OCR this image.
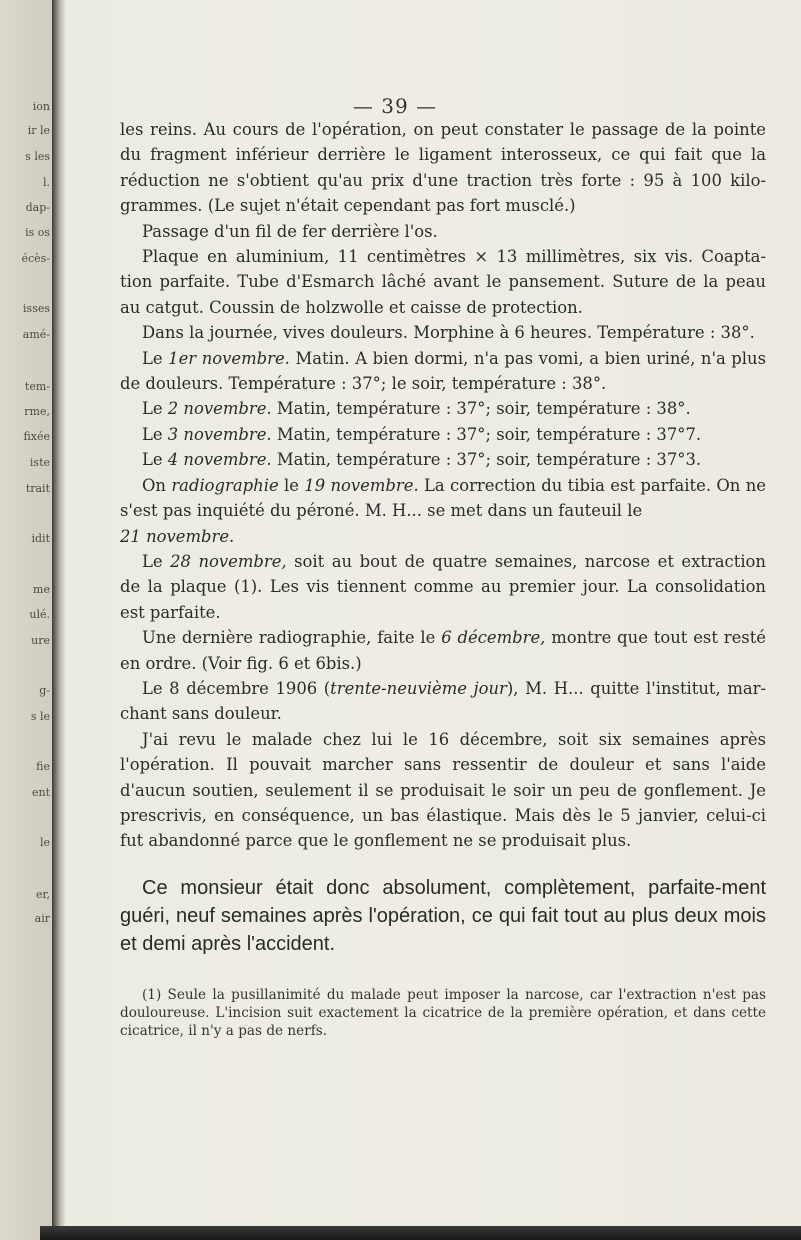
ion
ir le
s les
l.
dap-
is os
écès-
isses
amé-
tem-
rme,
fixée
iste
trait
idit
me
ulé.
ure
g-
s le
fie
ent
le
er,
air
— 39 —

les reins. Au cours de l'opération, on peut constater le passage de la pointe du fragment inférieur derrière le ligament interosseux, ce qui fait que la réduction ne s'obtient qu'au prix d'une traction très forte : 95 à 100 kilo-grammes. (Le sujet n'était cependant pas fort musclé.)

Passage d'un fil de fer derrière l'os.

Plaque en aluminium, 11 centimètres × 13 millimètres, six vis. Coapta-tion parfaite. Tube d'Esmarch lâché avant le pansement. Suture de la peau au catgut. Coussin de holzwolle et caisse de protection.

Dans la journée, vives douleurs. Morphine à 6 heures. Température : 38°.

Le 1er novembre. Matin. A bien dormi, n'a pas vomi, a bien uriné, n'a plus de douleurs. Température : 37°; le soir, température : 38°.

Le 2 novembre. Matin, température : 37°; soir, température : 38°.

Le 3 novembre. Matin, température : 37°; soir, température : 37°7.

Le 4 novembre. Matin, température : 37°; soir, température : 37°3.

On radiographie le 19 novembre. La correction du tibia est parfaite. On ne s'est pas inquiété du péroné. M. H... se met dans un fauteuil le
21 novembre.

Le 28 novembre, soit au bout de quatre semaines, narcose et extraction de la plaque (1). Les vis tiennent comme au premier jour. La consolidation est parfaite.

Une dernière radiographie, faite le 6 décembre, montre que tout est resté en ordre. (Voir fig. 6 et 6bis.)

Le 8 décembre 1906 (trente-neuvième jour), M. H... quitte l'institut, mar-chant sans douleur.

J'ai revu le malade chez lui le 16 décembre, soit six semaines après l'opération. Il pouvait marcher sans ressentir de douleur et sans l'aide d'aucun soutien, seulement il se produisait le soir un peu de gonflement. Je prescrivis, en conséquence, un bas élastique. Mais dès le 5 janvier, celui-ci fut abandonné parce que le gonflement ne se produisait plus.

Ce monsieur était donc absolument, complètement, parfaite-ment guéri, neuf semaines après l'opération, ce qui fait tout au plus deux mois et demi après l'accident.

(1) Seule la pusillanimité du malade peut imposer la narcose, car l'extraction n'est pas douloureuse. L'incision suit exactement la cicatrice de la première opération, et dans cette cicatrice, il n'y a pas de nerfs.
